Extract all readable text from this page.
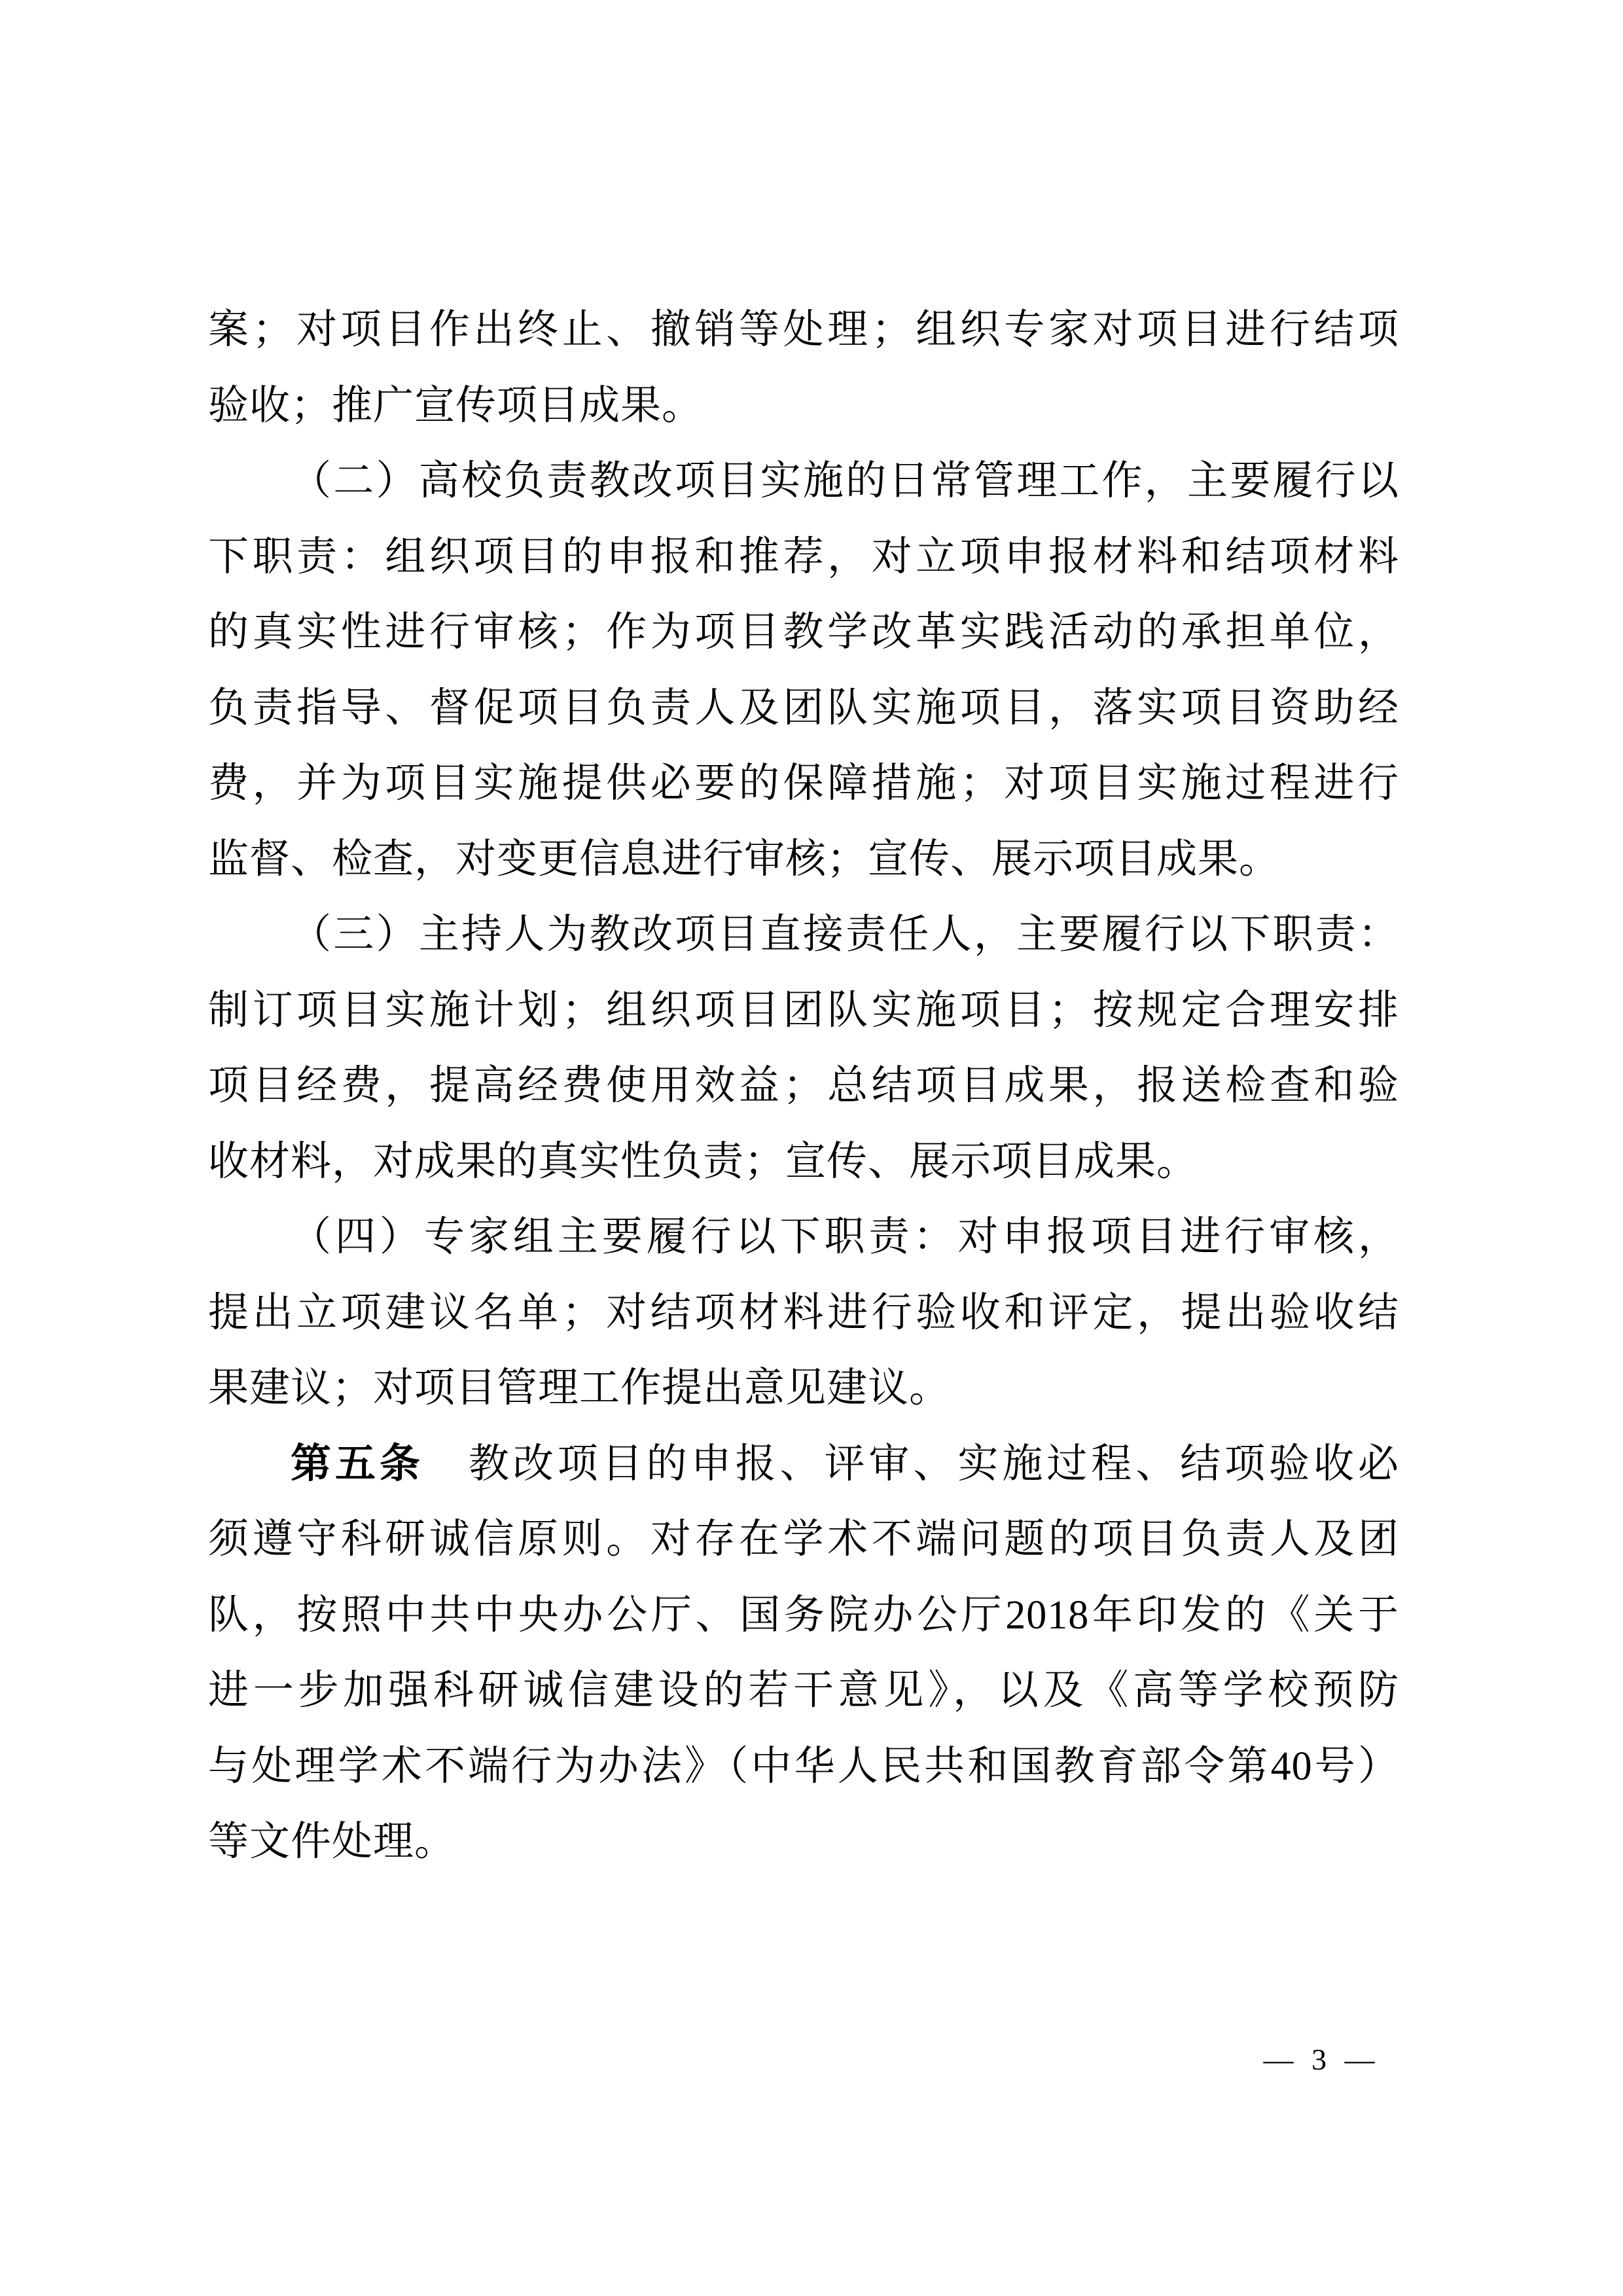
案；对项目作出终止、撤销等处理；组织专家对项目进行结项
验收；推广宣传项目成果。
（二）高校负责教改项目实施的日常管理工作，主要履行以
下职责：组织项目的申报和推荐，对立项申报材料和结项材料
的真实性进行审核；作为项目教学改革实践活动的承担单位，
负责指导、督促项目负责人及团队实施项目，落实项目资助经
费，并为项目实施提供必要的保障措施；对项目实施过程进行
监督、检查，对变更信息进行审核；宣传、展示项目成果。
（三）主持人为教改项目直接责任人，主要履行以下职责：
制订项目实施计划；组织项目团队实施项目；按规定合理安排
项目经费，提高经费使用效益；总结项目成果，报送检查和验
收材料，对成果的真实性负责；宣传、展示项目成果。
（四）专家组主要履行以下职责：对申报项目进行审核，
提出立项建议名单；对结项材料进行验收和评定，提出验收结
果建议；对项目管理工作提出意见建议。
第五条　教改项目的申报、评审、实施过程、结项验收必
须遵守科研诚信原则。对存在学术不端问题的项目负责人及团
队，按照中共中央办公厅、国务院办公厅2018年印发的《关于
进一步加强科研诚信建设的若干意见》，以及《高等学校预防
与处理学术不端行为办法》（中华人民共和国教育部令第40号）
等文件处理。
— 3 —
